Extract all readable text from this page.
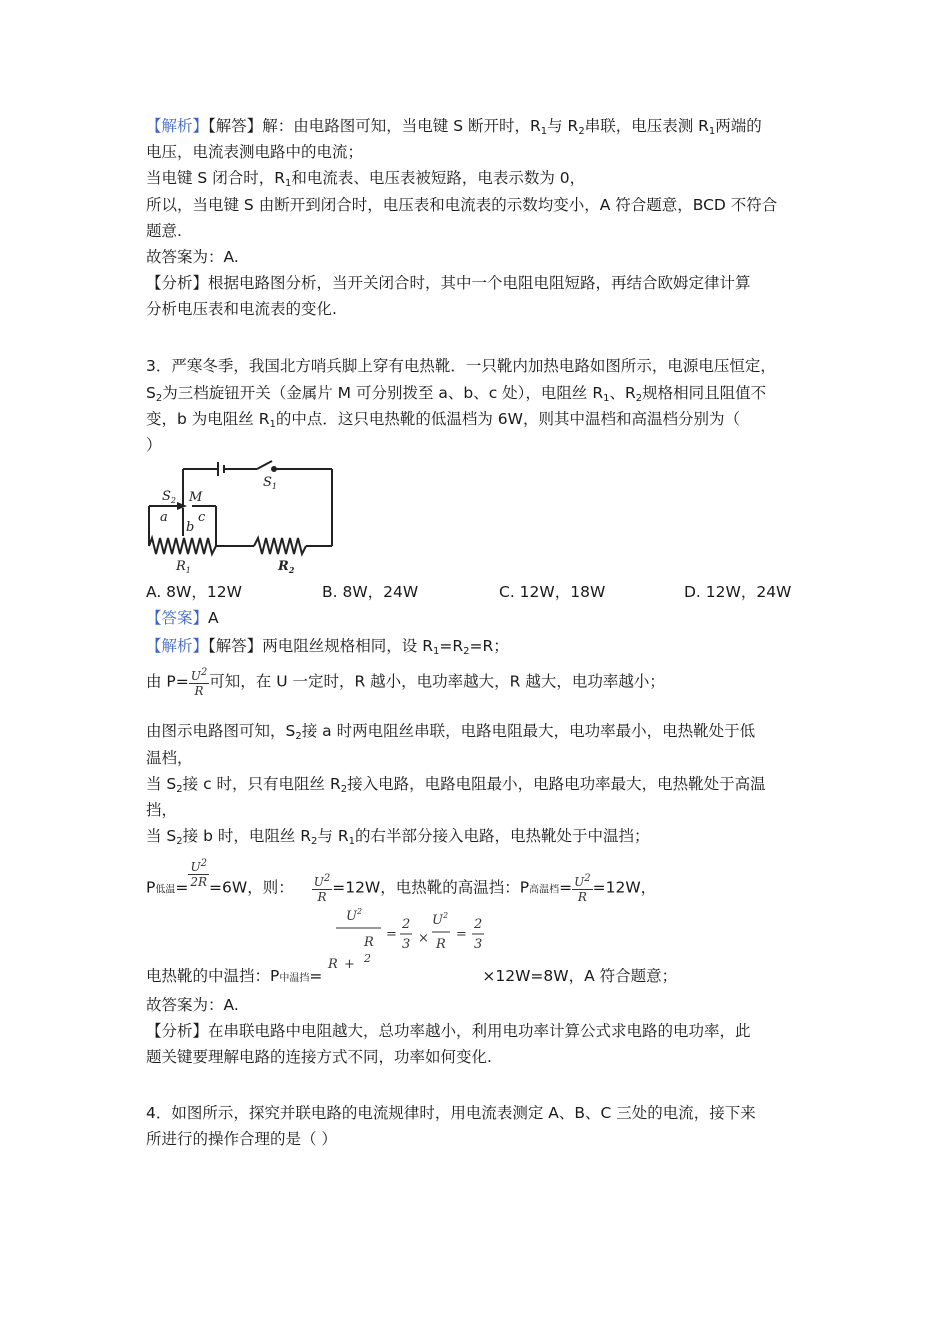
【解析】【解答】解：由电路图可知，当电键 S 断开时，$R_1$与 $R_2$串联，电压表测 $R_1$两端的
电压，电流表测电路中的电流；
当电键 S 闭合时，$R_1$和电流表、电压表被短路，电表示数为 0，
所以，当电键 S 由断开到闭合时，电压表和电流表的示数均变小，A 符合题意，BCD 不符合
题意.
故答案为：A.
【分析】根据电路图分析，当开关闭合时，其中一个电阻电阻短路，再结合欧姆定律计算
分析电压表和电流表的变化.
3．严寒冬季，我国北方哨兵脚上穿有电热靴．一只靴内加热电路如图所示，电源电压恒定，
$S_2$为三档旋钮开关（金属片 M 可分别拨至 a、b、c 处），电阻丝 $R_1$、$R_2$规格相同且阻值不
变，b 为电阻丝 $R_1$的中点．这只电热靴的低温档为 6W，则其中温档和高温档分别为（
）
$S_2$ M
$S_1$
a
b
c
$R_1$	$R_2$
A. 8W，12W	B. 8W，24W	C. 12W，18W	D. 12W，24W
【答案】A
【解析】【解答】两电阻丝规格相同，设 $R_1=R_2=R$；
由 $P= \frac{U^2}{R}$ 可知，在 U 一定时，R 越小，电功率越大，R 越大，电功率越小；
由图示电路图可知，$S_2$接 a 时两电阻丝串联，电路电阻最大，电功率最小，电热靴处于低
温档，
当 $S_2$接 c 时，只有电阻丝 $R_2$接入电路，电路电阻最小，电路电功率最大，电热靴处于高温
挡，
当 $S_2$接 b 时，电阻丝 $R_2$与 $R_1$的右半部分接入电路，电热靴处于中温挡；
P低温= $\frac{U^2}{2R} =6W$，则： $\frac{U^2}{R} =12W$，电热靴的高温挡：P高温档= $\frac{U^2}{R} =12W$，
$U^2$
R
R + 2
=
2
3 ×
$U^2$
R
=
2
3
电热靴的中温挡：P中温挡=	×12W=8W，A 符合题意；
故答案为：A.
【分析】在串联电路中电阻越大，总功率越小，利用电功率计算公式求电路的电功率，此
题关键要理解电路的连接方式不同，功率如何变化.
4．如图所示，探究并联电路的电流规律时，用电流表测定 A、B、C 三处的电流，接下来
所进行的操作合理的是（ ）
